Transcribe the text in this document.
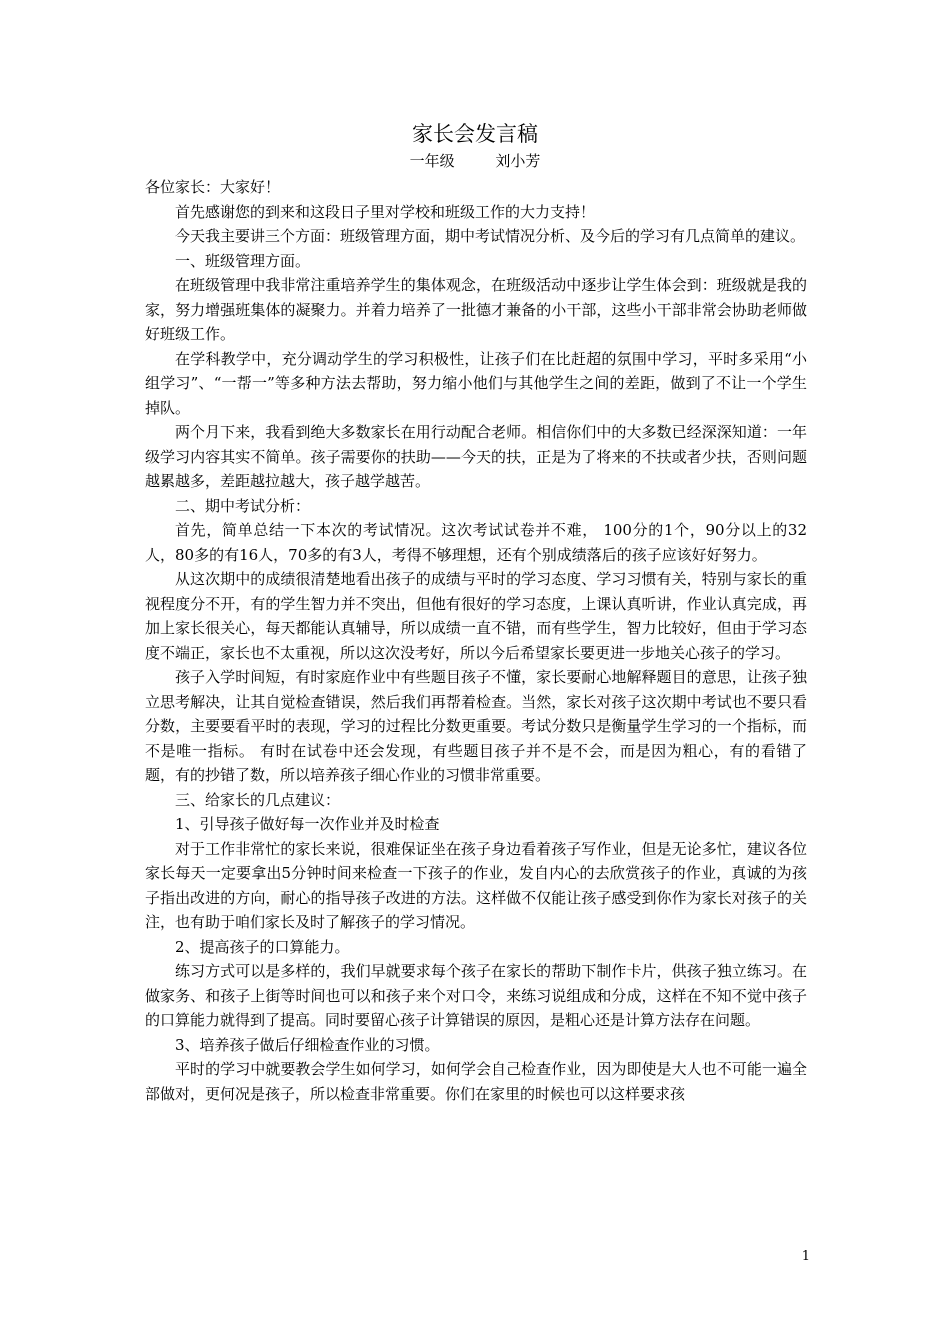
家长会发言稿
一年级	刘小芳

各位家长：大家好！

首先感谢您的到来和这段日子里对学校和班级工作的大力支持！

今天我主要讲三个方面：班级管理方面，期中考试情况分析、及今后的学习有几点简单的建议。

一、班级管理方面。

在班级管理中我非常注重培养学生的集体观念，在班级活动中逐步让学生体会到：班级就是我的家，努力增强班集体的凝聚力。并着力培养了一批德才兼备的小干部，这些小干部非常会协助老师做好班级工作。

在学科教学中，充分调动学生的学习积极性，让孩子们在比赶超的氛围中学习，平时多采用“小组学习”、“一帮一”等多种方法去帮助，努力缩小他们与其他学生之间的差距，做到了不让一个学生掉队。

两个月下来，我看到绝大多数家长在用行动配合老师。相信你们中的大多数已经深深知道：一年级学习内容其实不简单。孩子需要你的扶助——今天的扶，正是为了将来的不扶或者少扶，否则问题越累越多，差距越拉越大，孩子越学越苦。

二、期中考试分析：

首先，简单总结一下本次的考试情况。这次考试试卷并不难， 100分的1个，90分以上的32人，80多的有16人，70多的有3人，考得不够理想，还有个别成绩落后的孩子应该好好努力。

从这次期中的成绩很清楚地看出孩子的成绩与平时的学习态度、学习习惯有关，特别与家长的重视程度分不开，有的学生智力并不突出，但他有很好的学习态度，上课认真听讲，作业认真完成，再加上家长很关心，每天都能认真辅导，所以成绩一直不错，而有些学生，智力比较好，但由于学习态度不端正，家长也不太重视，所以这次没考好，所以今后希望家长要更进一步地关心孩子的学习。

孩子入学时间短，有时家庭作业中有些题目孩子不懂，家长要耐心地解释题目的意思，让孩子独立思考解决，让其自觉检查错误，然后我们再帮着检查。当然，家长对孩子这次期中考试也不要只看分数，主要要看平时的表现，学习的过程比分数更重要。考试分数只是衡量学生学习的一个指标，而不是唯一指标。 有时在试卷中还会发现，有些题目孩子并不是不会，而是因为粗心，有的看错了题，有的抄错了数，所以培养孩子细心作业的习惯非常重要。

三、给家长的几点建议：

1、引导孩子做好每一次作业并及时检查

对于工作非常忙的家长来说，很难保证坐在孩子身边看着孩子写作业，但是无论多忙，建议各位家长每天一定要拿出5分钟时间来检查一下孩子的作业，发自内心的去欣赏孩子的作业，真诚的为孩子指出改进的方向，耐心的指导孩子改进的方法。这样做不仅能让孩子感受到你作为家长对孩子的关注，也有助于咱们家长及时了解孩子的学习情况。

2、提高孩子的口算能力。

练习方式可以是多样的，我们早就要求每个孩子在家长的帮助下制作卡片，供孩子独立练习。在做家务、和孩子上街等时间也可以和孩子来个对口令，来练习说组成和分成，这样在不知不觉中孩子的口算能力就得到了提高。同时要留心孩子计算错误的原因，是粗心还是计算方法存在问题。

3、培养孩子做后仔细检查作业的习惯。

平时的学习中就要教会学生如何学习，如何学会自己检查作业，因为即使是大人也不可能一遍全部做对，更何况是孩子，所以检查非常重要。你们在家里的时候也可以这样要求孩

1
